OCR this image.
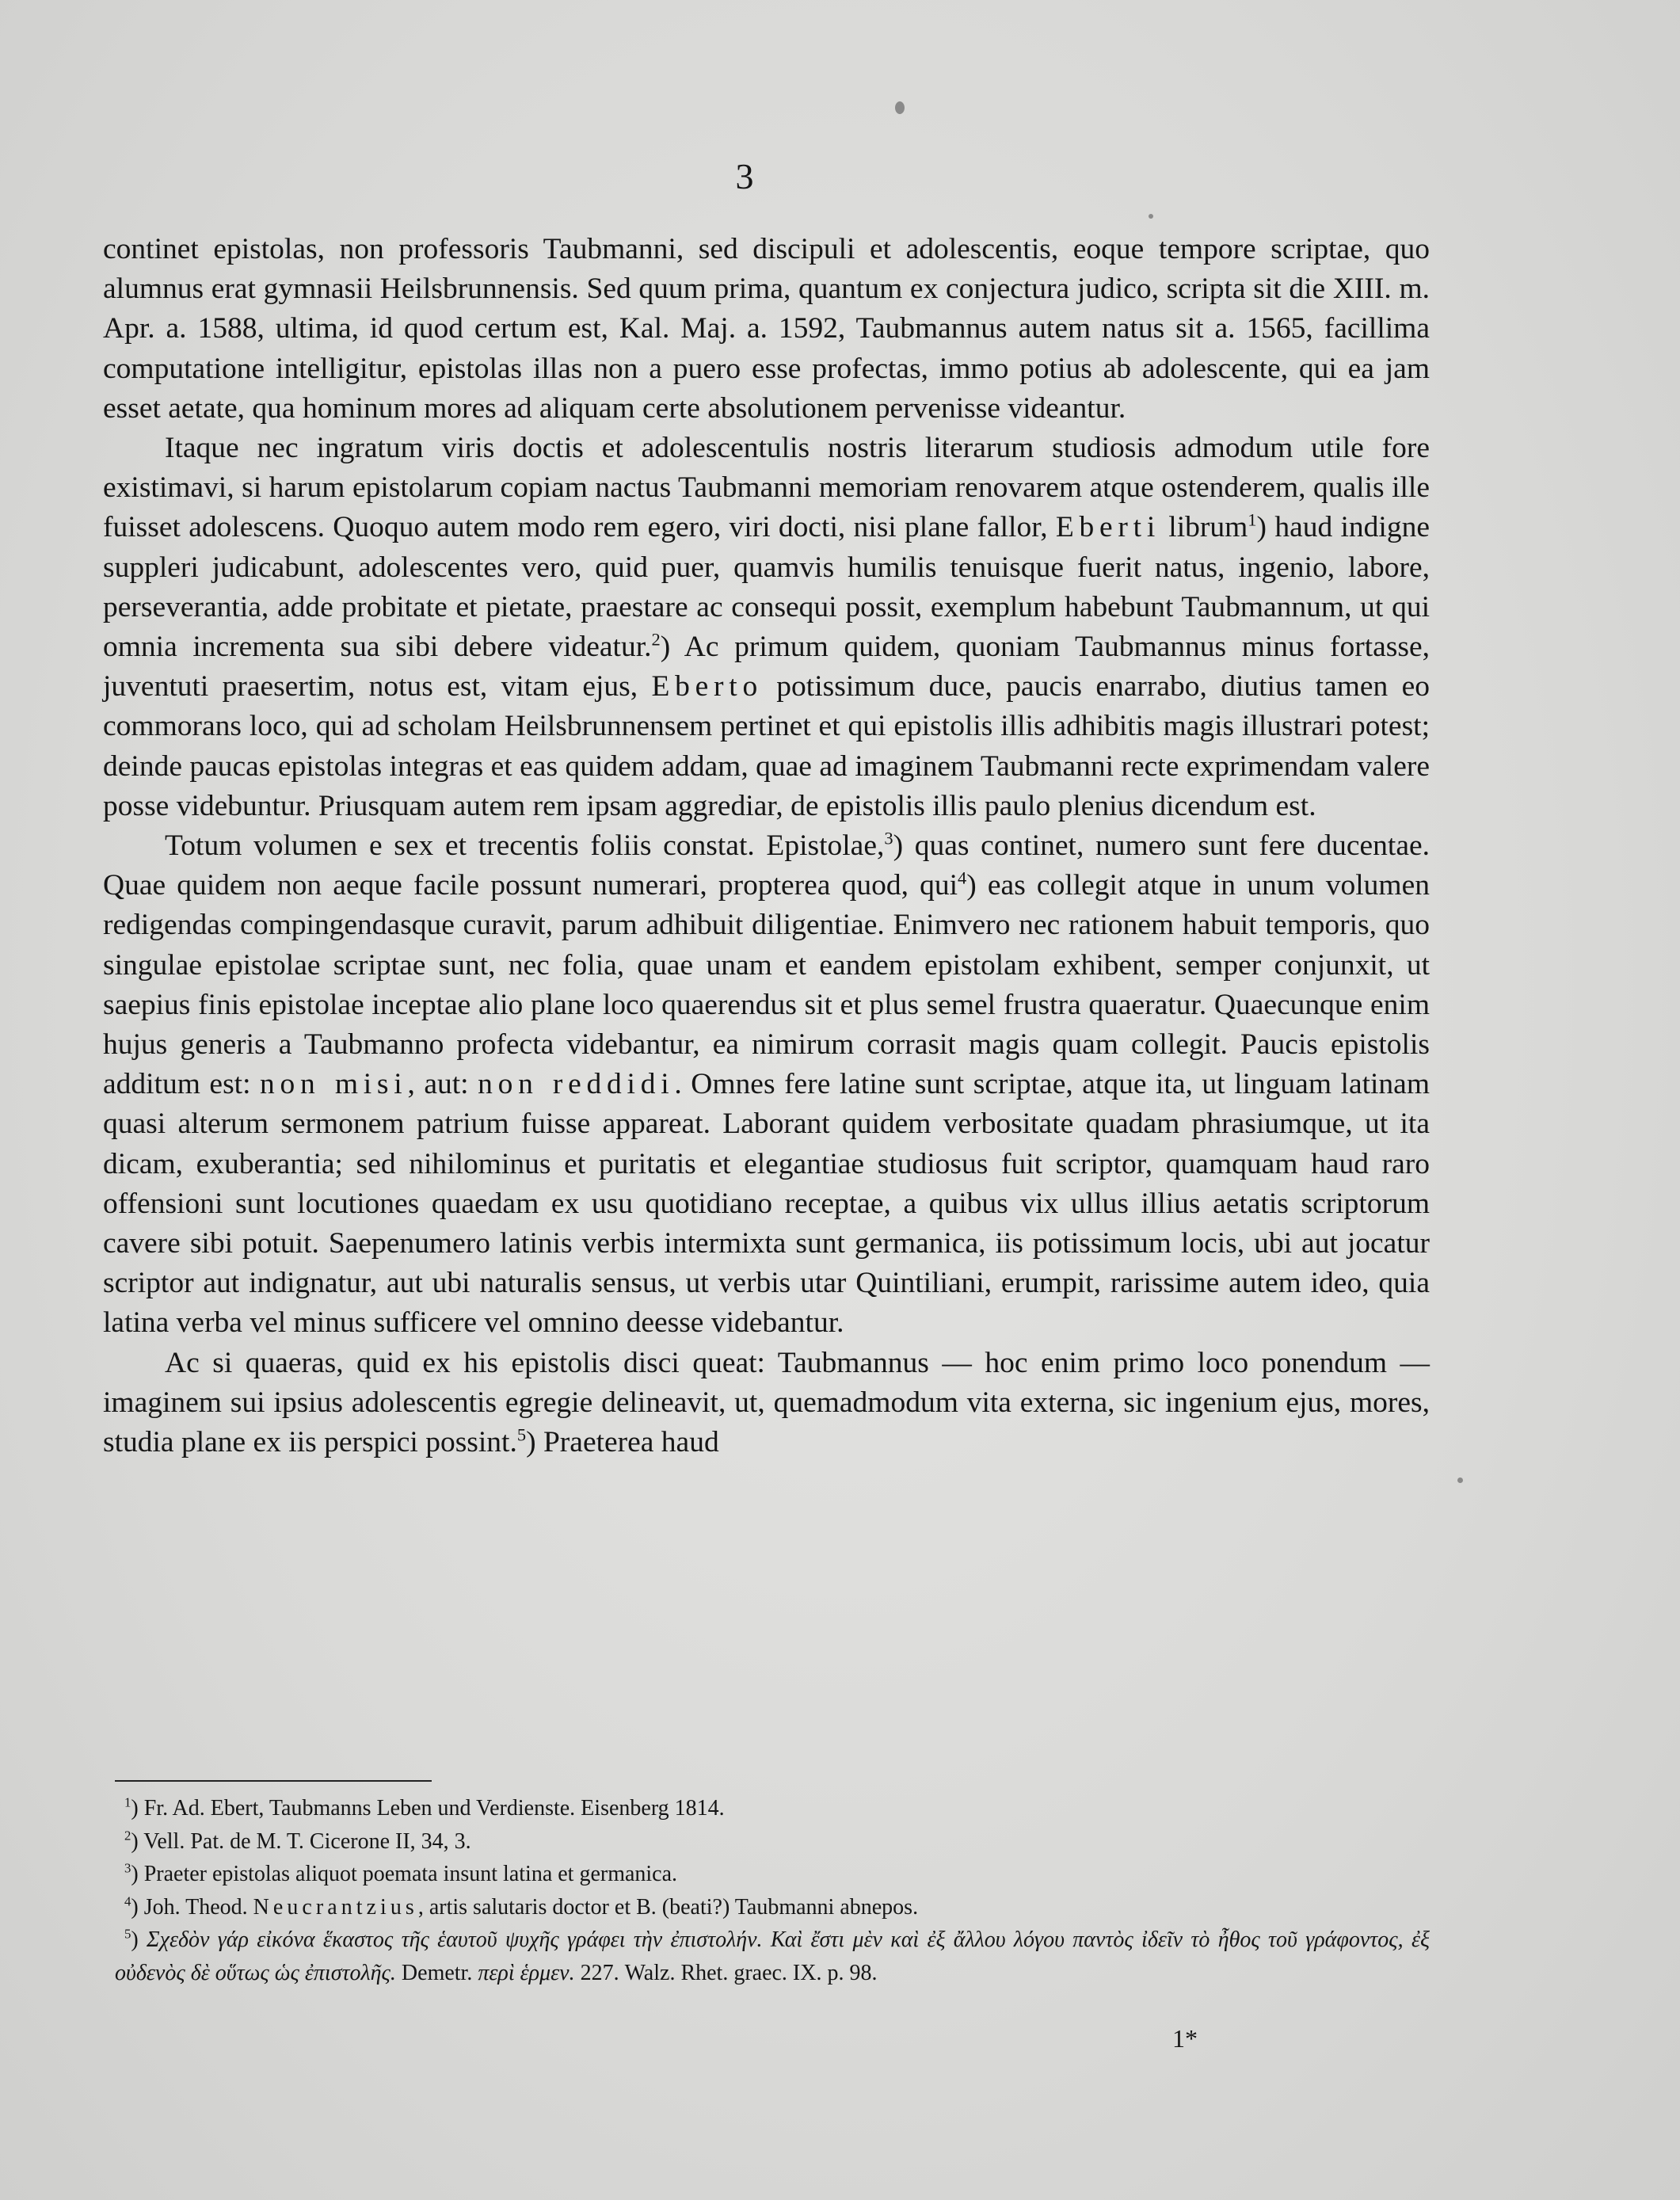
3

continet epistolas, non professoris Taubmanni, sed discipuli et adolescentis, eoque tempore scriptae, quo alumnus erat gymnasii Heilsbrunnensis. Sed quum prima, quantum ex conjectura judico, scripta sit die XIII. m. Apr. a. 1588, ultima, id quod certum est, Kal. Maj. a. 1592, Taubmannus autem natus sit a. 1565, facillima computatione intelligitur, epistolas illas non a puero esse profectas, immo potius ab adolescente, qui ea jam esset aetate, qua hominum mores ad aliquam certe absolutionem pervenisse videantur.

Itaque nec ingratum viris doctis et adolescentulis nostris literarum studiosis admodum utile fore existimavi, si harum epistolarum copiam nactus Taubmanni memoriam renovarem atque ostenderem, qualis ille fuisset adolescens. Quoquo autem modo rem egero, viri docti, nisi plane fallor, Eberti librum$^1$) haud indigne suppleri judicabunt, adolescentes vero, quid puer, quamvis humilis tenuisque fuerit natus, ingenio, labore, perseverantia, adde probitate et pietate, praestare ac consequi possit, exemplum habebunt Taubmannum, ut qui omnia incrementa sua sibi debere videatur.$^2$) Ac primum quidem, quoniam Taubmannus minus fortasse, juventuti praesertim, notus est, vitam ejus, Eberto potissimum duce, paucis enarrabo, diutius tamen eo commorans loco, qui ad scholam Heilsbrunnensem pertinet et qui epistolis illis adhibitis magis illustrari potest; deinde paucas epistolas integras et eas quidem addam, quae ad imaginem Taubmanni recte exprimendam valere posse videbuntur. Priusquam autem rem ipsam aggrediar, de epistolis illis paulo plenius dicendum est.

Totum volumen e sex et trecentis foliis constat. Epistolae,$^3$) quas continet, numero sunt fere ducentae. Quae quidem non aeque facile possunt numerari, propterea quod, qui$^4$) eas collegit atque in unum volumen redigendas compingendasque curavit, parum adhibuit diligentiae. Enimvero nec rationem habuit temporis, quo singulae epistolae scriptae sunt, nec folia, quae unam et eandem epistolam exhibent, semper conjunxit, ut saepius finis epistolae inceptae alio plane loco quaerendus sit et plus semel frustra quaeratur. Quaecunque enim hujus generis a Taubmanno profecta videbantur, ea nimirum corrasit magis quam collegit. Paucis epistolis additum est: non misi, aut: non reddidi. Omnes fere latine sunt scriptae, atque ita, ut linguam latinam quasi alterum sermonem patrium fuisse appareat. Laborant quidem verbositate quadam phrasiumque, ut ita dicam, exuberantia; sed nihilominus et puritatis et elegantiae studiosus fuit scriptor, quamquam haud raro offensioni sunt locutiones quaedam ex usu quotidiano receptae, a quibus vix ullus illius aetatis scriptorum cavere sibi potuit. Saepenumero latinis verbis intermixta sunt germanica, iis potissimum locis, ubi aut jocatur scriptor aut indignatur, aut ubi naturalis sensus, ut verbis utar Quintiliani, erumpit, rarissime autem ideo, quia latina verba vel minus sufficere vel omnino deesse videbantur.

Ac si quaeras, quid ex his epistolis disci queat: Taubmannus — hoc enim primo loco ponendum — imaginem sui ipsius adolescentis egregie delineavit, ut, quemadmodum vita externa, sic ingenium ejus, mores, studia plane ex iis perspici possint.$^5$) Praeterea haud

$^1$) Fr. Ad. Ebert, Taubmanns Leben und Verdienste. Eisenberg 1814.

$^2$) Vell. Pat. de M. T. Cicerone II, 34, 3.

$^3$) Praeter epistolas aliquot poemata insunt latina et germanica.

$^4$) Joh. Theod. Neucrantzius, artis salutaris doctor et B. (beati?) Taubmanni abnepos.

$^5$) Σχεδὸν γάρ εἰκόνα ἕκαστος τῆς ἑαυτοῦ ψυχῆς γράφει τὴν ἐπιστολήν. Καὶ ἔστι μὲν καὶ ἐξ ἄλλου λόγου παντὸς ἰδεῖν τὸ ἦθος τοῦ γράφοντος, ἐξ οὐδενὸς δὲ οὕτως ὡς ἐπιστολῆς. Demetr. περὶ ἑρμεν. 227. Walz. Rhet. graec. IX. p. 98.

1*
